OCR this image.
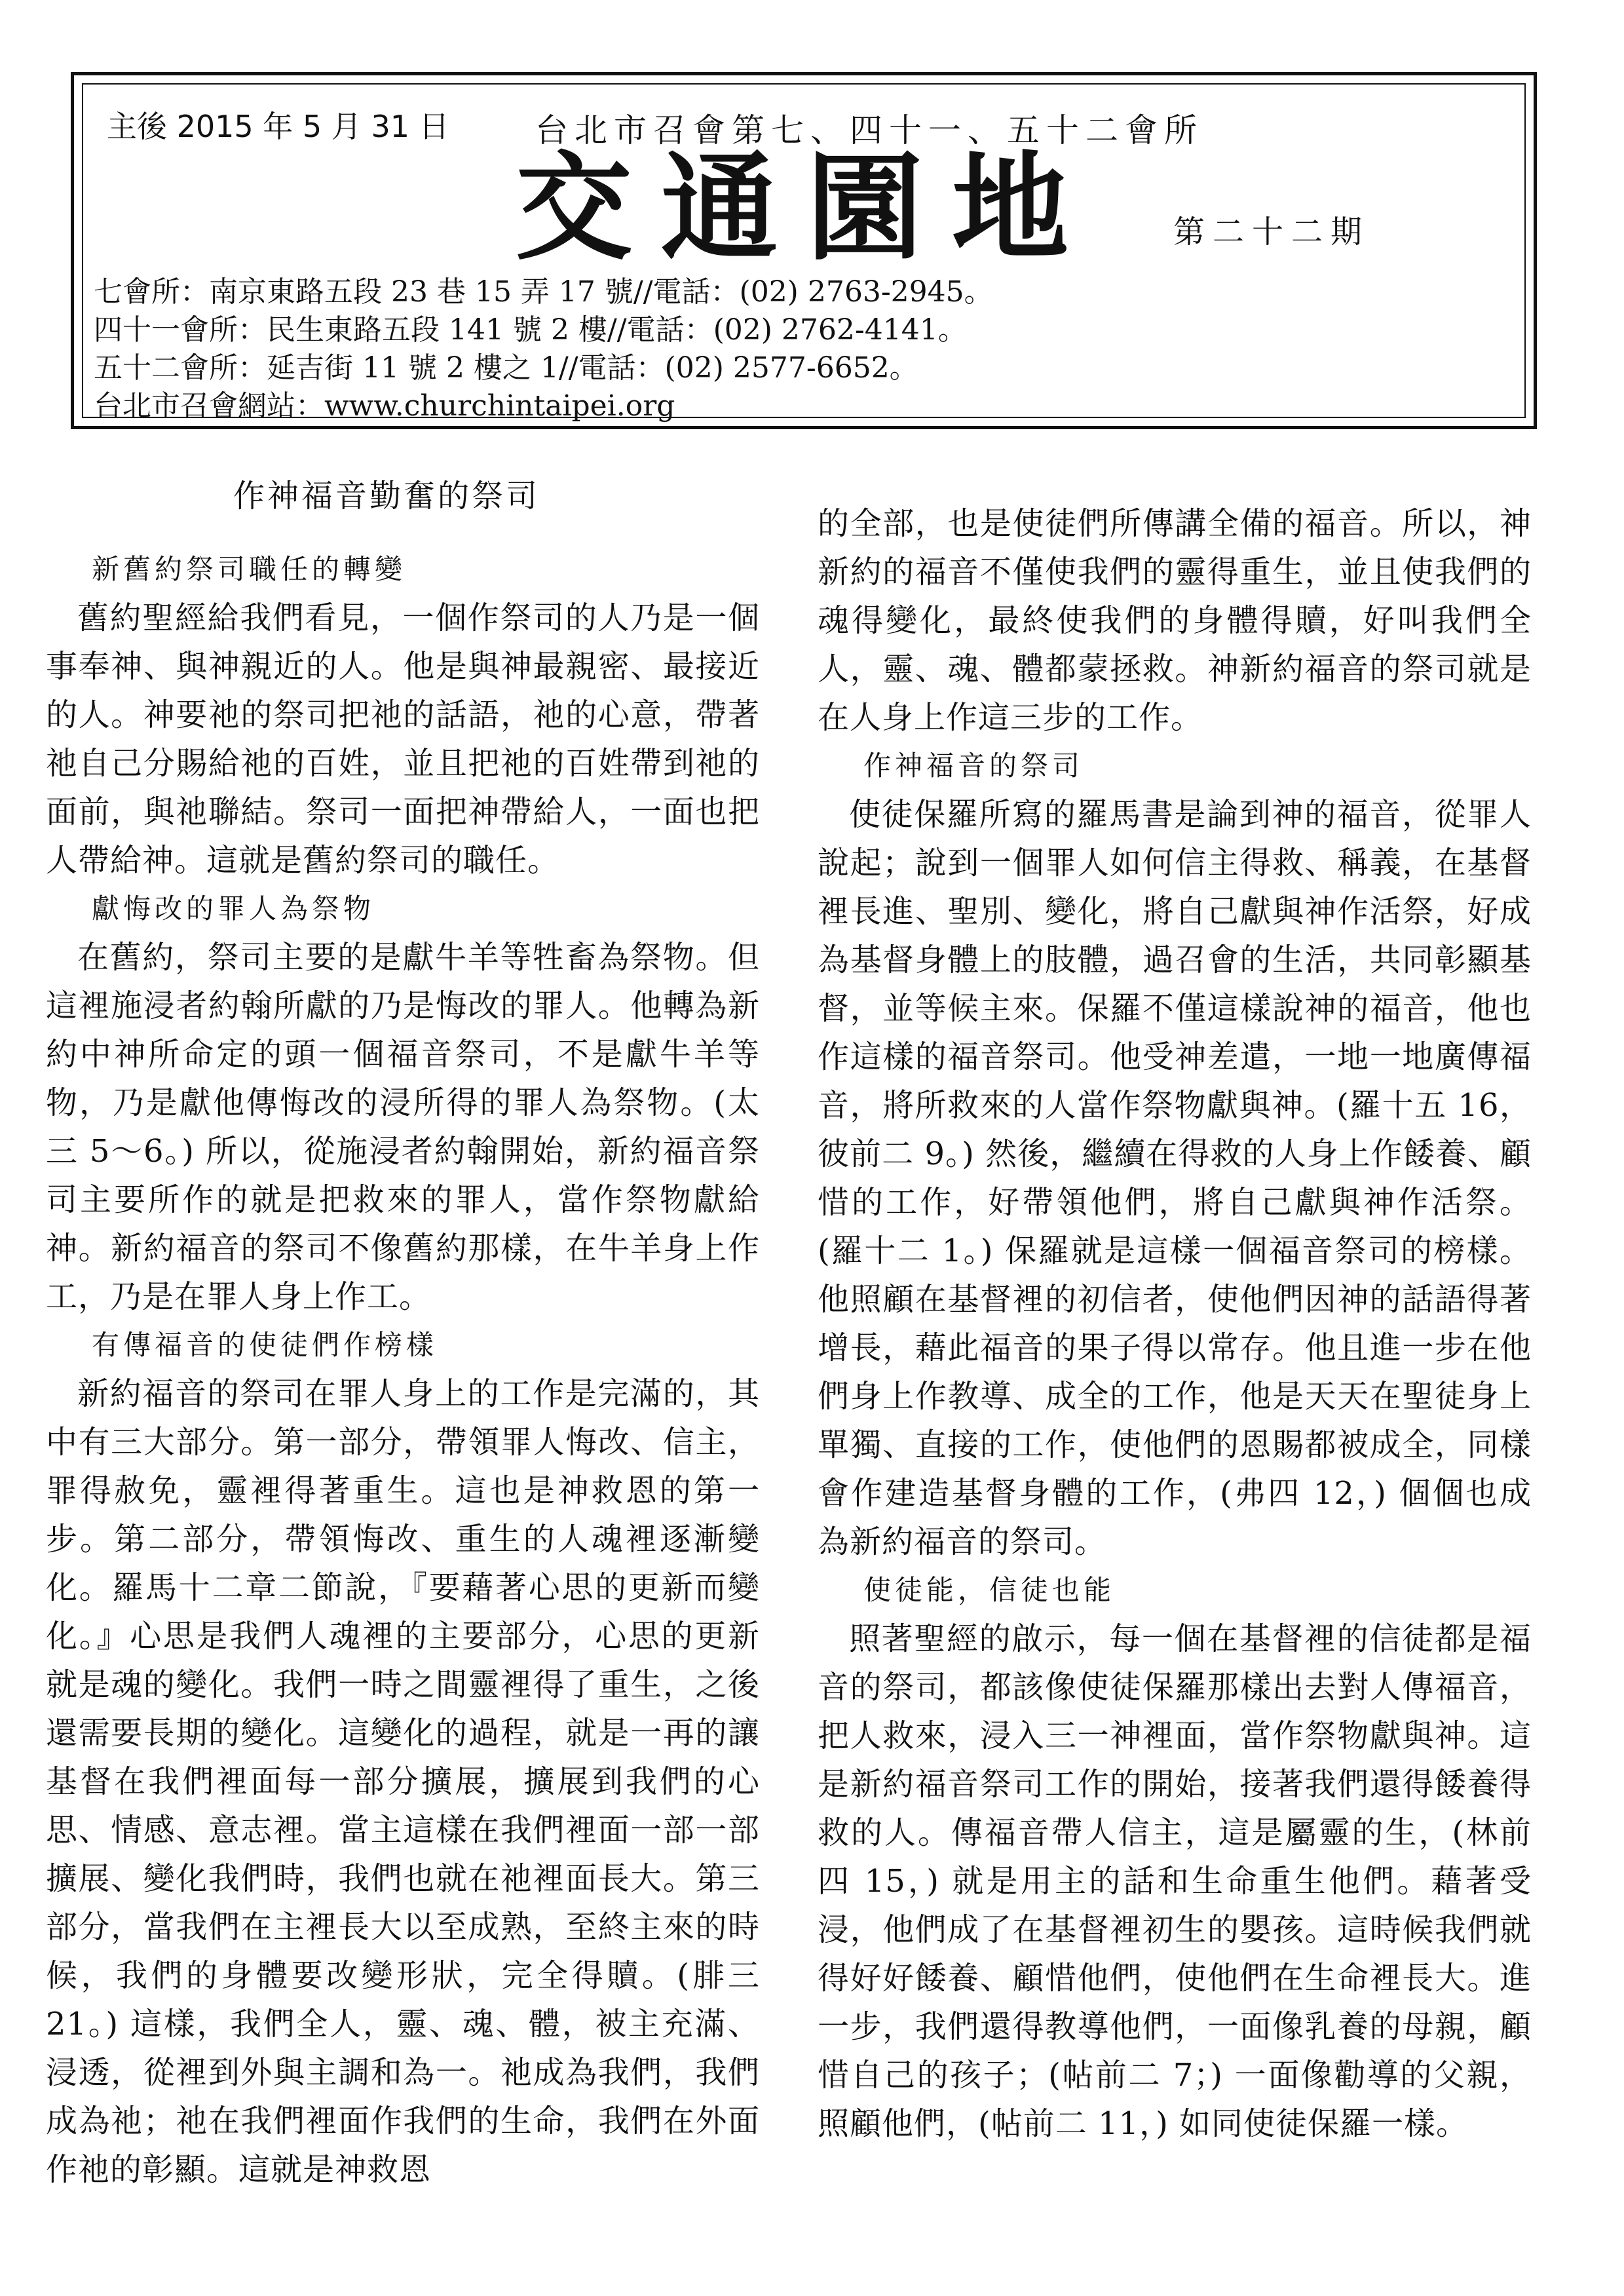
主後 2015 年 5 月 31 日	台北市召會第七、四十一、五十二會所
交通園地 第二十二期
七會所：南京東路五段 23 巷 15 弄 17 號//電話：(02) 2763-2945。
四十一會所：民生東路五段 141 號 2 樓//電話：(02) 2762-4141。
五十二會所：延吉街 11 號 2 樓之 1//電話：(02) 2577-6652。
台北市召會網站：www.churchintaipei.org
作神福音勤奮的祭司

新舊約祭司職任的轉變

舊約聖經給我們看見，一個作祭司的人乃是一個事奉神、與神親近的人。他是與神最親密、最接近的人。神要祂的祭司把祂的話語，祂的心意，帶著祂自己分賜給祂的百姓，並且把祂的百姓帶到祂的面前，與祂聯結。祭司一面把神帶給人，一面也把人帶給神。這就是舊約祭司的職任。

獻悔改的罪人為祭物

在舊約，祭司主要的是獻牛羊等牲畜為祭物。但這裡施浸者約翰所獻的乃是悔改的罪人。他轉為新約中神所命定的頭一個福音祭司，不是獻牛羊等物，乃是獻他傳悔改的浸所得的罪人為祭物。(太三 5～6。) 所以，從施浸者約翰開始，新約福音祭司主要所作的就是把救來的罪人，當作祭物獻給神。新約福音的祭司不像舊約那樣，在牛羊身上作工，乃是在罪人身上作工。

有傳福音的使徒們作榜樣

新約福音的祭司在罪人身上的工作是完滿的，其中有三大部分。第一部分，帶領罪人悔改、信主，罪得赦免，靈裡得著重生。這也是神救恩的第一步。第二部分，帶領悔改、重生的人魂裡逐漸變化。羅馬十二章二節說，『要藉著心思的更新而變化。』心思是我們人魂裡的主要部分，心思的更新就是魂的變化。我們一時之間靈裡得了重生，之後還需要長期的變化。這變化的過程，就是一再的讓基督在我們裡面每一部分擴展，擴展到我們的心思、情感、意志裡。當主這樣在我們裡面一部一部擴展、變化我們時，我們也就在祂裡面長大。第三部分，當我們在主裡長大以至成熟，至終主來的時候，我們的身體要改變形狀，完全得贖。(腓三 21。) 這樣，我們全人，靈、魂、體，被主充滿、浸透，從裡到外與主調和為一。祂成為我們，我們成為祂；祂在我們裡面作我們的生命，我們在外面作祂的彰顯。這就是神救恩

的全部，也是使徒們所傳講全備的福音。所以，神新約的福音不僅使我們的靈得重生，並且使我們的魂得變化，最終使我們的身體得贖，好叫我們全人，靈、魂、體都蒙拯救。神新約福音的祭司就是在人身上作這三步的工作。

作神福音的祭司

使徒保羅所寫的羅馬書是論到神的福音，從罪人說起；說到一個罪人如何信主得救、稱義，在基督裡長進、聖別、變化，將自己獻與神作活祭，好成為基督身體上的肢體，過召會的生活，共同彰顯基督，並等候主來。保羅不僅這樣說神的福音，他也作這樣的福音祭司。他受神差遣，一地一地廣傳福音，將所救來的人當作祭物獻與神。(羅十五 16，彼前二 9。) 然後，繼續在得救的人身上作餧養、顧惜的工作，好帶領他們，將自己獻與神作活祭。(羅十二 1。) 保羅就是這樣一個福音祭司的榜樣。他照顧在基督裡的初信者，使他們因神的話語得著增長，藉此福音的果子得以常存。他且進一步在他們身上作教導、成全的工作，他是天天在聖徒身上單獨、直接的工作，使他們的恩賜都被成全，同樣會作建造基督身體的工作，(弗四 12，) 個個也成為新約福音的祭司。

使徒能，信徒也能

照著聖經的啟示，每一個在基督裡的信徒都是福音的祭司，都該像使徒保羅那樣出去對人傳福音，把人救來，浸入三一神裡面，當作祭物獻與神。這是新約福音祭司工作的開始，接著我們還得餧養得救的人。傳福音帶人信主，這是屬靈的生，(林前四 15，) 就是用主的話和生命重生他們。藉著受浸，他們成了在基督裡初生的嬰孩。這時候我們就得好好餧養、顧惜他們，使他們在生命裡長大。進一步，我們還得教導他們，一面像乳養的母親，顧惜自己的孩子；(帖前二 7；) 一面像勸導的父親，照顧他們，(帖前二 11，) 如同使徒保羅一樣。
